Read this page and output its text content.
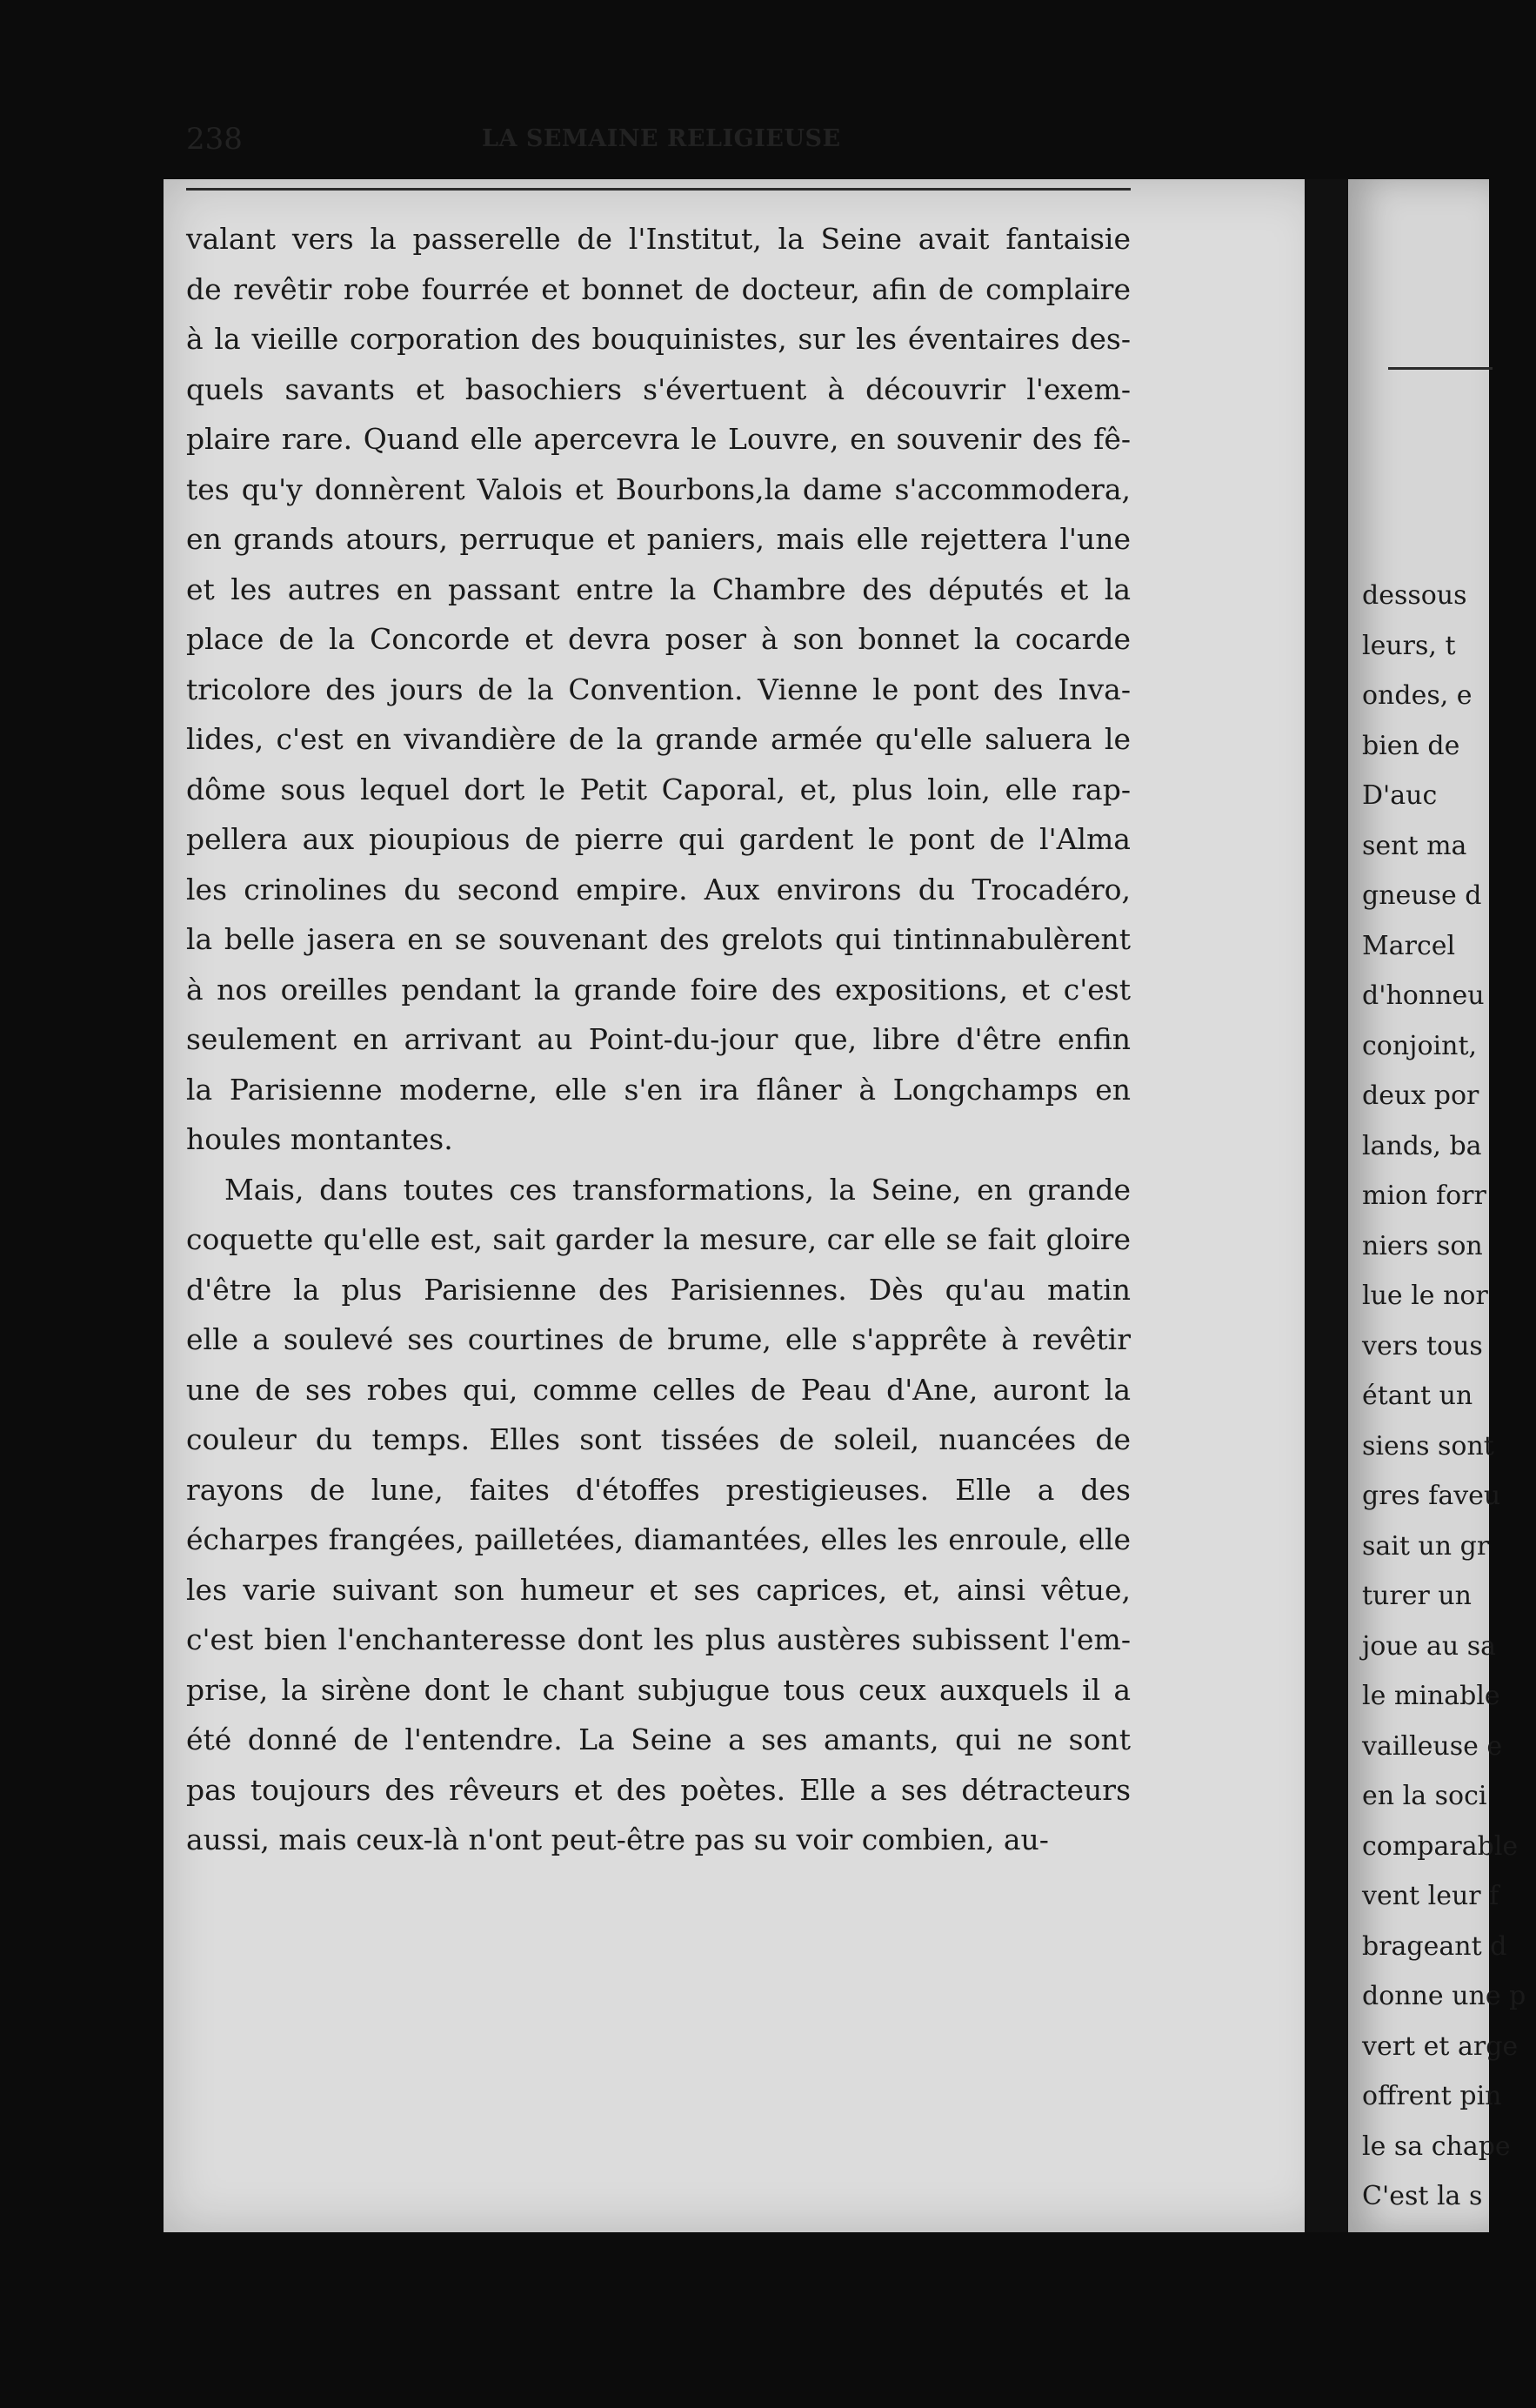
dessous
leurs, t
ondes, e
bien de
D'auc
sent ma
gneuse d
Marcel
d'honneu
conjoint,
deux por
lands, ba
mion forr
niers son
lue le nor
vers tous
étant un
siens sont
gres faveu
sait un gr
turer un
joue au sa
le minable
vailleuse e
en la soci
comparable
vent leur f
brageant d
donne une p
vert et arge
offrent pin
le sa chape
C'est la s
238	LA SEMAINE RELIGIEUSE
valant vers la passerelle de l'Institut, la Seine avait fantaisie
de revêtir robe fourrée et bonnet de docteur, afin de complaire
à la vieille corporation des bouquinistes, sur les éventaires des-
quels savants et basochiers s'évertuent à découvrir l'exem-
plaire rare. Quand elle apercevra le Louvre, en souvenir des fê-
tes qu'y donnèrent Valois et Bourbons,la dame s'accommodera,
en grands atours, perruque et paniers, mais elle rejettera l'une
et les autres en passant entre la Chambre des députés et la
place de la Concorde et devra poser à son bonnet la cocarde
tricolore des jours de la Convention. Vienne le pont des Inva-
lides, c'est en vivandière de la grande armée qu'elle saluera le
dôme sous lequel dort le Petit Caporal, et, plus loin, elle rap-
pellera aux pioupious de pierre qui gardent le pont de l'Alma
les crinolines du second empire. Aux environs du Trocadéro,
la belle jasera en se souvenant des grelots qui tintinnabulèrent
à nos oreilles pendant la grande foire des expositions, et c'est
seulement en arrivant au Point-du-jour que, libre d'être enfin
la Parisienne moderne, elle s'en ira flâner à Longchamps en
houles montantes.
Mais, dans toutes ces transformations, la Seine, en grande
coquette qu'elle est, sait garder la mesure, car elle se fait gloire
d'être la plus Parisienne des Parisiennes. Dès qu'au matin
elle a soulevé ses courtines de brume, elle s'apprête à revêtir
une de ses robes qui, comme celles de Peau d'Ane, auront la
couleur du temps. Elles sont tissées de soleil, nuancées de
rayons de lune, faites d'étoffes prestigieuses. Elle a des
écharpes frangées, pailletées, diamantées, elles les enroule, elle
les varie suivant son humeur et ses caprices, et, ainsi vêtue,
c'est bien l'enchanteresse dont les plus austères subissent l'em-
prise, la sirène dont le chant subjugue tous ceux auxquels il a
été donné de l'entendre. La Seine a ses amants, qui ne sont
pas toujours des rêveurs et des poètes. Elle a ses détracteurs
aussi, mais ceux-là n'ont peut-être pas su voir combien, au-
